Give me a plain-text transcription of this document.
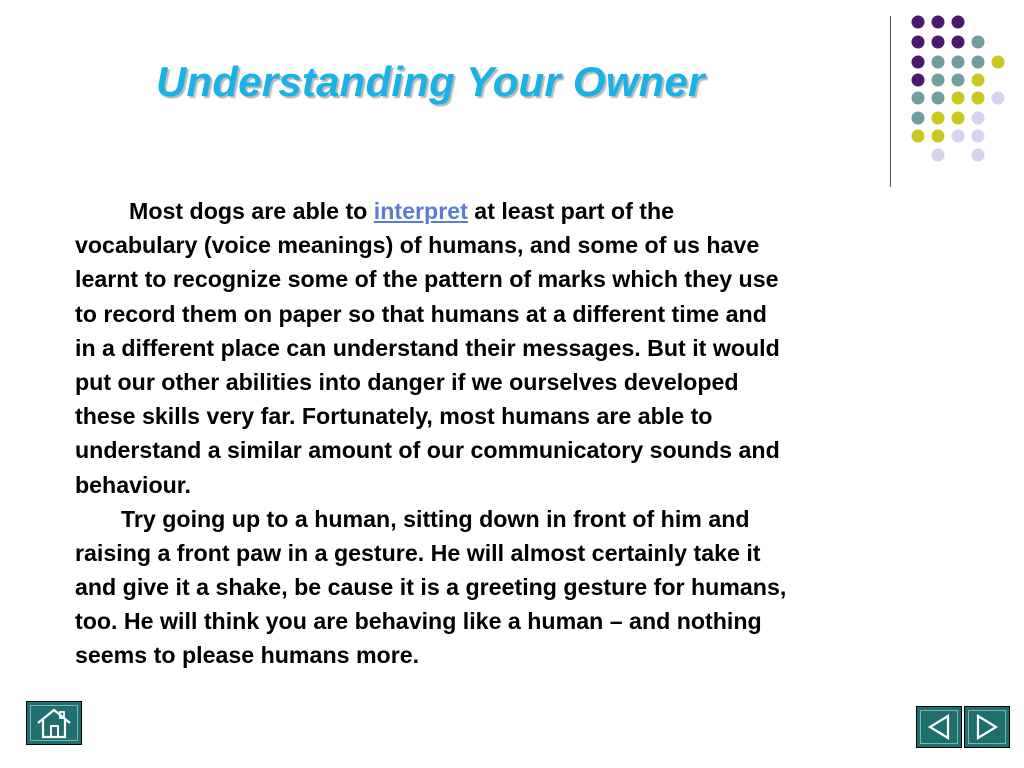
Understanding Your Owner
Most dogs are able to interpret at least part of the
vocabulary (voice meanings) of humans, and some of us have
learnt to recognize some of the pattern of marks which they use
to record them on paper so that humans at a different time and
in a different place can understand their messages. But it would
put our other abilities into danger if we ourselves developed
these skills very far. Fortunately, most humans are able to
understand a similar amount of our communicatory sounds and
behaviour.
Try going up to a human, sitting down in front of him and
raising a front paw in a gesture. He will almost certainly take it
and give it a shake, be cause it is a greeting gesture for humans,
too. He will think you are behaving like a human – and nothing
seems to please humans more.
